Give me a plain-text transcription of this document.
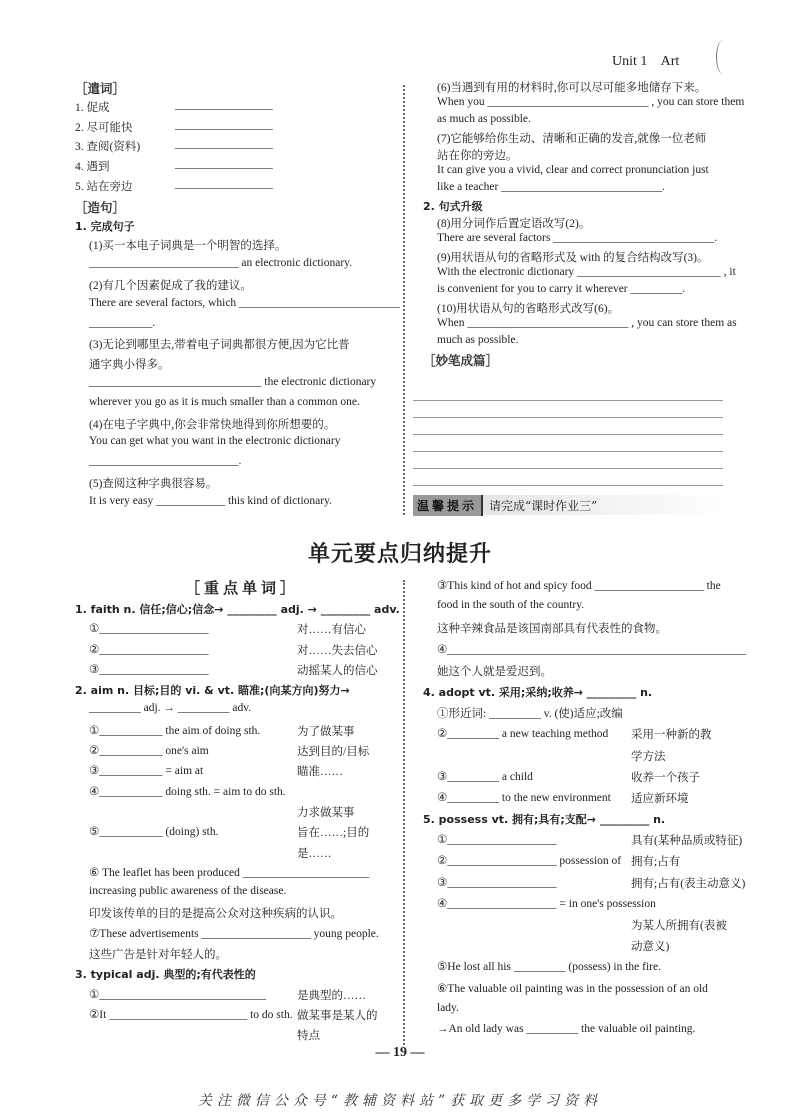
Unit 1    Art
［遣词］
1. 促成	_________________
2. 尽可能快	_________________
3. 查阅(资料)	_________________
4. 遇到	_________________
5. 站在旁边	_________________
［造句］
1. 完成句子
(1)买一本电子词典是一个明智的选择。
__________________________ an electronic dictionary.
(2)有几个因素促成了我的建议。
There are several factors, which ____________________________
___________.
(3)无论到哪里去,带着电子词典都很方便,因为它比普
通字典小得多。
______________________________ the electronic dictionary
wherever you go as it is much smaller than a common one.
(4)在电子字典中,你会非常快地得到你所想要的。
You can get what you want in the electronic dictionary
__________________________.
(5)查阅这种字典很容易。
It is very easy ____________ this kind of dictionary.
(6)当遇到有用的材料时,你可以尽可能多地储存下来。
When you ____________________________ , you can store them
as much as possible.
(7)它能够给你生动、清晰和正确的发音,就像一位老师
站在你的旁边。
It can give you a vivid, clear and correct pronunciation just
like a teacher ____________________________.
2. 句式升级
(8)用分词作后置定语改写(2)。
There are several factors ____________________________.
(9)用状语从句的省略形式及 with 的复合结构改写(3)。
With the electronic dictionary _________________________ , it
is convenient for you to carry it wherever _________.
(10)用状语从句的省略形式改写(6)。
When ____________________________ , you can store them as
much as possible.
［妙笔成篇］
温馨提示	请完成“课时作业三”
单元要点归纳提升
［重点单词］
1. faith n. 信任;信心;信念→ _________ adj. → _________ adv.
①___________________	对……有信心
②___________________	对……失去信心
③___________________	动摇某人的信心
2. aim n. 目标;目的 vi. & vt. 瞄准;(向某方向)努力→
_________ adj. → _________ adv.
①___________ the aim of doing sth.	为了做某事
②___________ one's aim	达到目的/目标
③___________ = aim at	瞄准……
④___________ doing sth. = aim to do sth.
力求做某事
⑤___________ (doing) sth.	旨在……;目的
是……
⑥ The leaflet has been produced ______________________
increasing public awareness of the disease.
印发该传单的目的是提高公众对这种疾病的认识。
⑦These advertisements ___________________ young people.
这些广告是针对年轻人的。
3. typical adj. 典型的;有代表性的
①_____________________________	是典型的……
②It ________________________ to do sth. 做某事是某人的
特点
③This kind of hot and spicy food ___________________ the
food in the south of the country.
这种辛辣食品是该国南部具有代表性的食物。
④____________________________________________________
她这个人就是爱迟到。
4. adopt vt. 采用;采纳;收养→ _________ n.
①形近词: _________ v. (使)适应;改编
②_________ a new teaching method 采用一种新的教
学方法
③_________ a child	收养一个孩子
④_________ to the new environment 适应新环境
5. possess vt. 拥有;具有;支配→ _________ n.
①___________________	具有(某种品质或特征)
②___________________ possession of 拥有;占有
③___________________	拥有;占有(表主动意义)
④___________________ = in one's possession
为某人所拥有(表被
动意义)
⑤He lost all his _________ (possess) in the fire.
⑥The valuable oil painting was in the possession of an old
lady.
→An old lady was _________ the valuable oil painting.
— 19 —
关注微信公众号“教辅资料站”获取更多学习资料
